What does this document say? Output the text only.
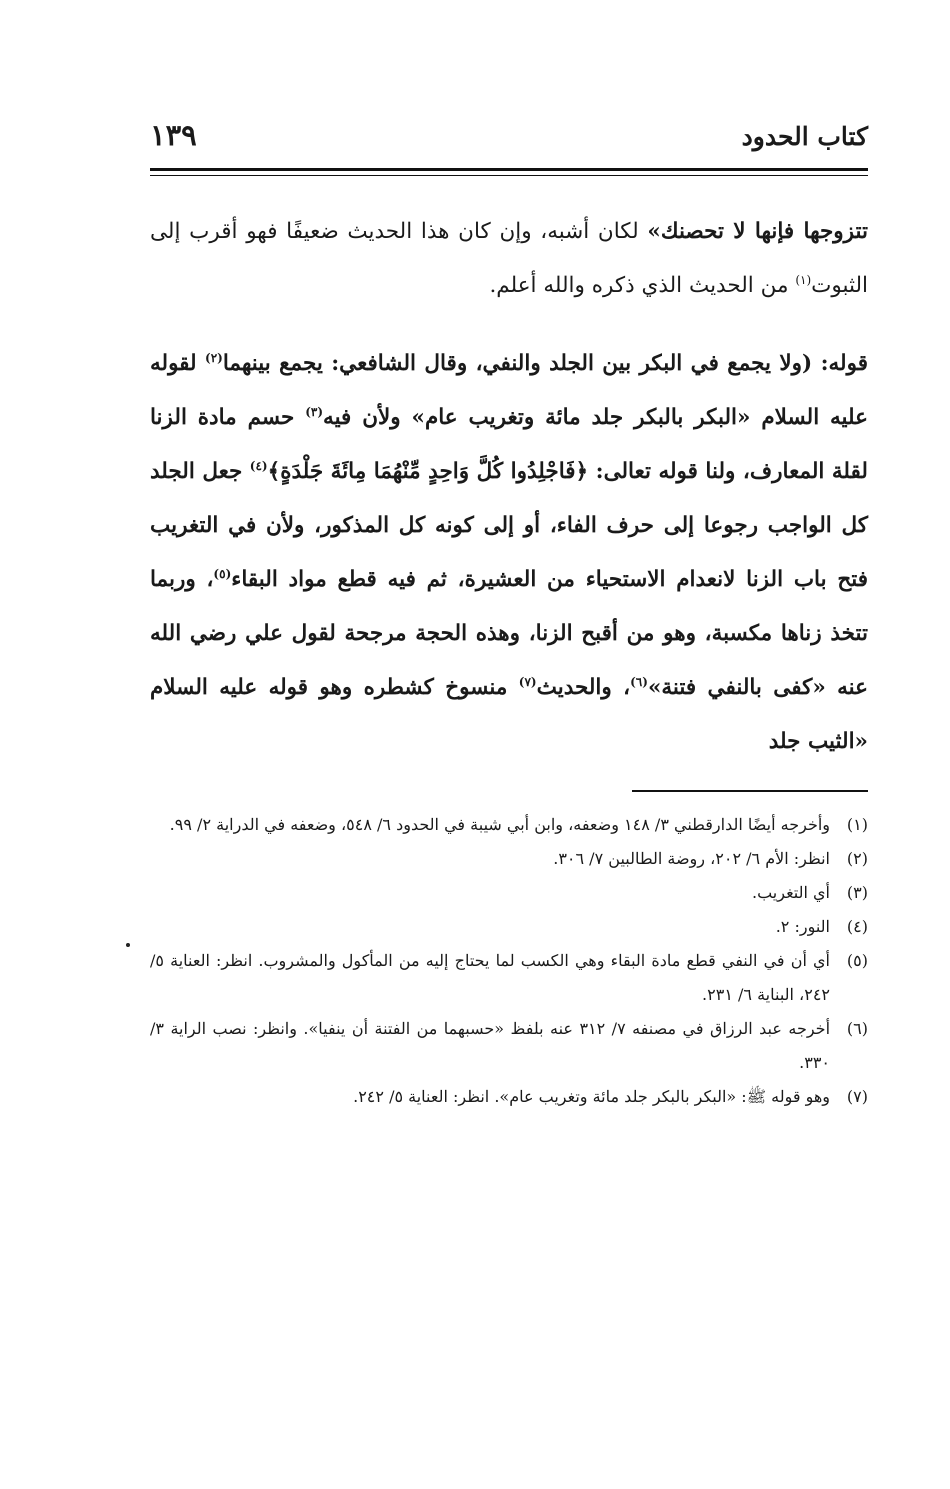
كتاب الحدود
١٣٩

تتزوجها فإنها لا تحصنك» لكان أشبه، وإن كان هذا الحديث ضعيفًا فهو أقرب إلى الثبوت$^{(١)}$ من الحديث الذي ذكره والله أعلم.

قوله: (ولا يجمع في البكر بين الجلد والنفي، وقال الشافعي: يجمع بينهما$^{(٢)}$ لقوله عليه السلام «البكر بالبكر جلد مائة وتغريب عام» ولأن فيه$^{(٣)}$ حسم مادة الزنا لقلة المعارف، ولنا قوله تعالى: ﴿فَاجْلِدُوا كُلَّ وَاحِدٍ مِّنْهُمَا مِائَةَ جَلْدَةٍ﴾$^{(٤)}$ جعل الجلد كل الواجب رجوعا إلى حرف الفاء، أو إلى كونه كل المذكور، ولأن في التغريب فتح باب الزنا لانعدام الاستحياء من العشيرة، ثم فيه قطع مواد البقاء$^{(٥)}$، وربما تتخذ زناها مكسبة، وهو من أقبح الزنا، وهذه الحجة مرجحة لقول علي رضي الله عنه «كفى بالنفي فتنة»$^{(٦)}$، والحديث$^{(٧)}$ منسوخ كشطره وهو قوله عليه السلام «الثيب جلد

(١)
وأخرجه أيضًا الدارقطني ٣/ ١٤٨ وضعفه، وابن أبي شيبة في الحدود ٦/ ٥٤٨، وضعفه في الدراية ٢/ ٩٩.
(٢)
انظر: الأم ٦/ ٢٠٢، روضة الطالبين ٧/ ٣٠٦.
(٣)
أي التغريب.
(٤)
النور: ٢.
(٥)
أي أن في النفي قطع مادة البقاء وهي الكسب لما يحتاج إليه من المأكول والمشروب. انظر: العناية ٥/ ٢٤٢، البناية ٦/ ٢٣١.
(٦)
أخرجه عبد الرزاق في مصنفه ٧/ ٣١٢ عنه بلفظ «حسبهما من الفتنة أن ينفيا». وانظر: نصب الراية ٣/ ٣٣٠.
(٧)
وهو قوله ﷺ: «البكر بالبكر جلد مائة وتغريب عام». انظر: العناية ٥/ ٢٤٢.
